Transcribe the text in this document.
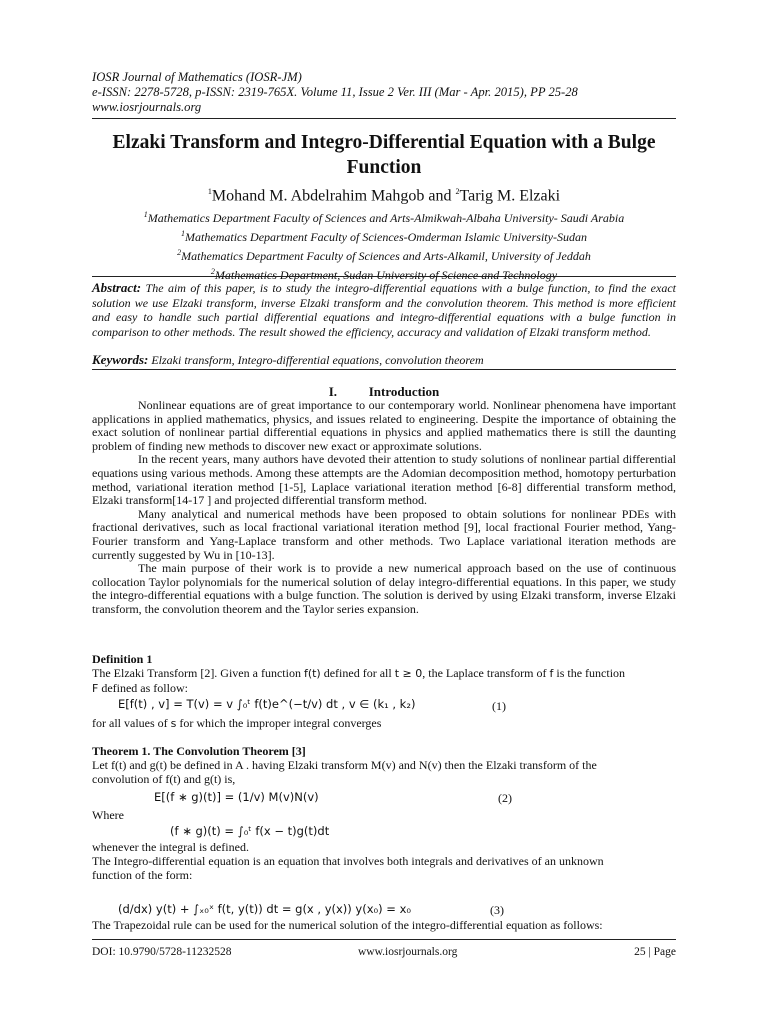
IOSR Journal of Mathematics (IOSR-JM)
e-ISSN: 2278-5728, p-ISSN: 2319-765X. Volume 11, Issue 2 Ver. III (Mar - Apr. 2015), PP 25-28
www.iosrjournals.org
Elzaki Transform and Integro-Differential Equation with a Bulge Function
$^1$Mohand M. Abdelrahim Mahgob and $^2$Tarig M. Elzaki
$^1$Mathematics Department Faculty of Sciences and Arts-Almikwah-Albaha University- Saudi Arabia
$^1$Mathematics Department Faculty of Sciences-Omderman Islamic University-Sudan
$^2$Mathematics Department Faculty of Sciences and Arts-Alkamil, University of Jeddah
$^2$Mathematics Department, Sudan University of Science and Technology
Abstract: The aim of this paper, is to study the integro-differential equations with a bulge function, to find the exact solution we use Elzaki transform, inverse Elzaki transform and the convolution theorem. This method is more efficient and easy to handle such partial differential equations and integro-differential equations with a bulge function in comparison to other methods. The result showed the efficiency, accuracy and validation of Elzaki transform method.
Keywords: Elzaki transform, Integro-differential equations, convolution theorem
I. Introduction

Nonlinear equations are of great importance to our contemporary world. Nonlinear phenomena have important applications in applied mathematics, physics, and issues related to engineering. Despite the importance of obtaining the exact solution of nonlinear partial differential equations in physics and applied mathematics there is still the daunting problem of finding new methods to discover new exact or approximate solutions.

In the recent years, many authors have devoted their attention to study solutions of nonlinear partial differential equations using various methods. Among these attempts are the Adomian decomposition method, homotopy perturbation method, variational iteration method [1-5], Laplace variational iteration method [6-8] differential transform method, Elzaki transform[14-17 ] and projected differential transform method.

Many analytical and numerical methods have been proposed to obtain solutions for nonlinear PDEs with fractional derivatives, such as local fractional variational iteration method [9], local fractional Fourier method, Yang-Fourier transform and Yang-Laplace transform and other methods. Two Laplace variational iteration methods are currently suggested by Wu in [10-13].

The main purpose of their work is to provide a new numerical approach based on the use of continuous collocation Taylor polynomials for the numerical solution of delay integro-differential equations. In this paper, we study the integro-differential equations with a bulge function. The solution is derived by using Elzaki transform, inverse Elzaki transform, the convolution theorem and the Taylor series expansion.

Definition 1
The Elzaki Transform [2]. Given a function f(t) defined for all t ≥ 0, the Laplace transform of f is the function
F defined as follow:
E[f(t) , v] = T(v) = v ∫₀ᵗ f(t)e^(−t/v) dt , v ∈ (k₁ , k₂)	(1)
for all values of s for which the improper integral converges
Theorem 1. The Convolution Theorem [3]
Let f(t) and g(t) be defined in A . having Elzaki transform M(v) and N(v) then the Elzaki transform of the
convolution of f(t) and g(t) is,
E[(f ∗ g)(t)] = (1/v) M(v)N(v)	(2)
Where
(f ∗ g)(t) = ∫₀ᵗ f(x − t)g(t)dt
whenever the integral is defined.
The Integro-differential equation is an equation that involves both integrals and derivatives of an unknown
function of the form:
(d/dx) y(t) + ∫ₓ₀ˣ f(t, y(t)) dt = g(x , y(x)) y(x₀) = x₀	(3)
The Trapezoidal rule can be used for the numerical solution of the integro-differential equation as follows:
DOI: 10.9790/5728-11232528	www.iosrjournals.org	25 | Page
